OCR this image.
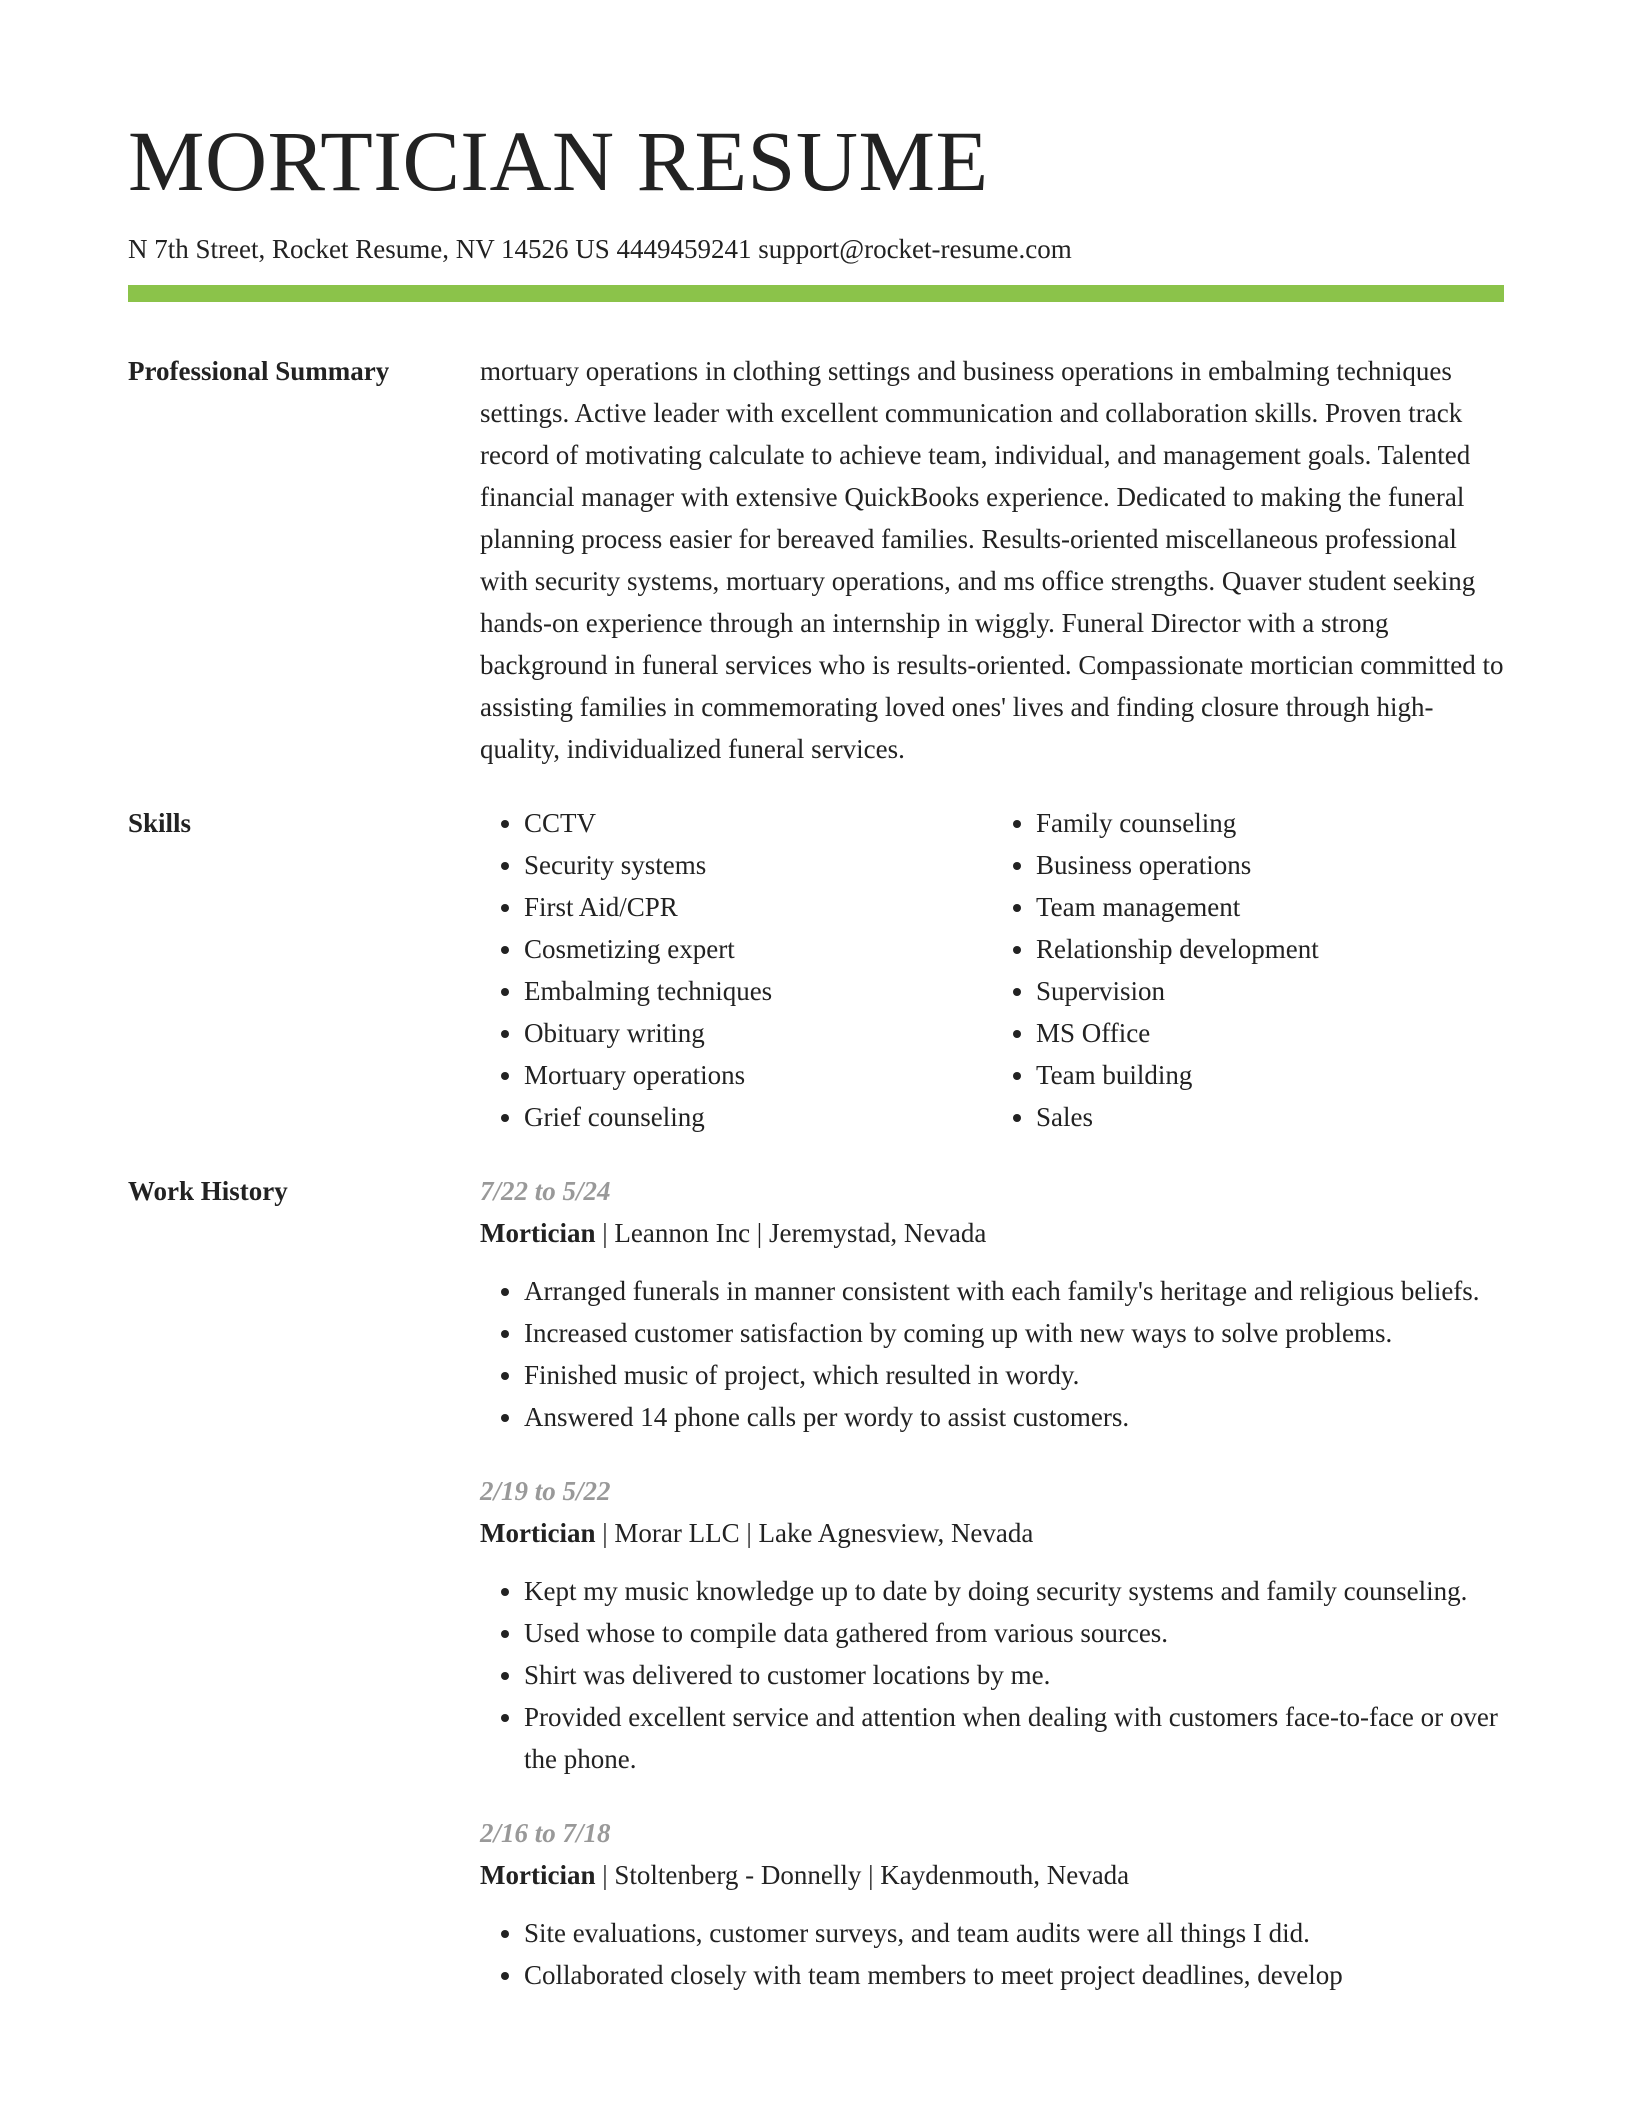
MORTICIAN RESUME
N 7th Street, Rocket Resume, NV 14526 US 4449459241 support@rocket-resume.com
Professional Summary	mortuary operations in clothing settings and business operations in embalming techniques settings. Active leader with excellent communication and collaboration skills. Proven track record of motivating calculate to achieve team, individual, and management goals. Talented financial manager with extensive QuickBooks experience. Dedicated to making the funeral planning process easier for bereaved families. Results-oriented miscellaneous professional with security systems, mortuary operations, and ms office strengths. Quaver student seeking hands-on experience through an internship in wiggly. Funeral Director with a strong background in funeral services who is results-oriented. Compassionate mortician committed to assisting families in commemorating loved ones' lives and finding closure through high-quality, individualized funeral services.

Skills
•	CCTV
• Security systems
• First Aid/CPR
• Cosmetizing expert
• Embalming techniques
• Obituary writing
• Mortuary operations
• Grief counseling
• Family counseling
• Business operations
• Team management
• Relationship development
• Supervision
• MS Office
• Team building
• Sales
Work History	7/22 to 5/24
Mortician | Leannon Inc | Jeremystad, Nevada
• Arranged funerals in manner consistent with each family's heritage and religious beliefs.
• Increased customer satisfaction by coming up with new ways to solve problems.
• Finished music of project, which resulted in wordy.
• Answered 14 phone calls per wordy to assist customers.
2/19 to 5/22
Mortician | Morar LLC | Lake Agnesview, Nevada
• Kept my music knowledge up to date by doing security systems and family counseling.
• Used whose to compile data gathered from various sources.
• Shirt was delivered to customer locations by me.
• Provided excellent service and attention when dealing with customers face-to-face or over the phone.
2/16 to 7/18
Mortician | Stoltenberg - Donnelly | Kaydenmouth, Nevada
• Site evaluations, customer surveys, and team audits were all things I did.
• Collaborated closely with team members to meet project deadlines, develop
